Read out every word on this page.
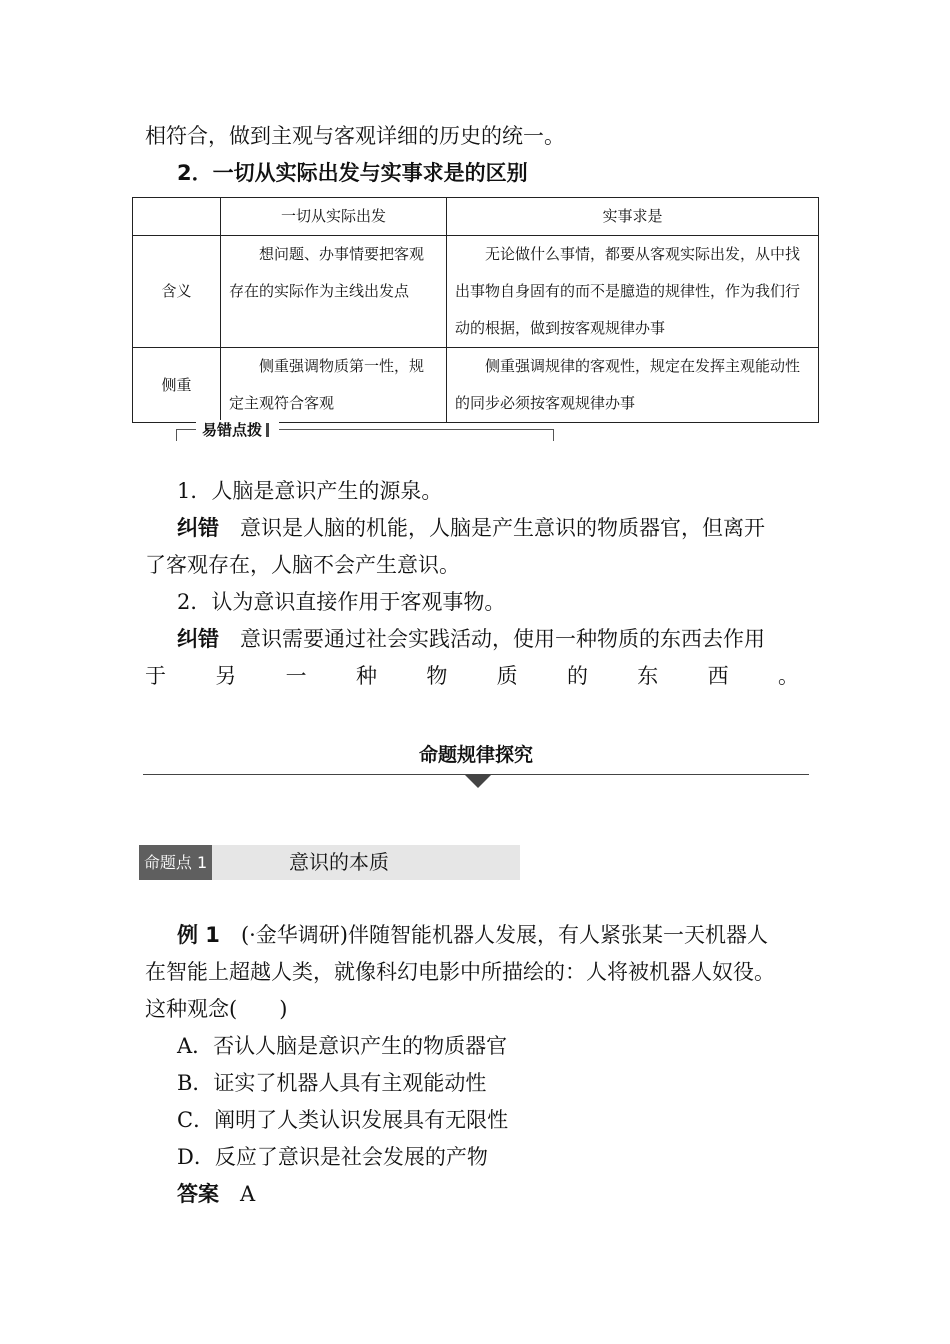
相符合，做到主观与客观详细的历史的统一。
2．一切从实际出发与实事求是的区别
	一切从实际出发	实事求是
含义	想问题、办事情要把客观存在的实际作为主线出发点	无论做什么事情，都要从客观实际出发，从中找出事物自身固有的而不是臆造的规律性，作为我们行动的根据，做到按客观规律办事
侧重	侧重强调物质第一性，规定主观符合客观	侧重强调规律的客观性，规定在发挥主观能动性的同步必须按客观规律办事
易错点拨
1．人脑是意识产生的源泉。
纠错　 意识是人脑的机能，人脑是产生意识的物质器官，但离开
了客观存在，人脑不会产生意识。
2．认为意识直接作用于客观事物。
纠错　 意识需要通过社会实践活动，使用一种物质的东西去作用
于 另 一 种 物 质 的 东 西 。
命题规律探究
命题点 1	意识的本质
例 1　 (·金华调研)伴随智能机器人发展，有人紧张某一天机器人
在智能上超越人类，就像科幻电影中所描绘的：人将被机器人奴役。
这种观念(　　)
A．否认人脑是意识产生的物质器官
B．证实了机器人具有主观能动性
C．阐明了人类认识发展具有无限性
D．反应了意识是社会发展的产物
答案　 A
